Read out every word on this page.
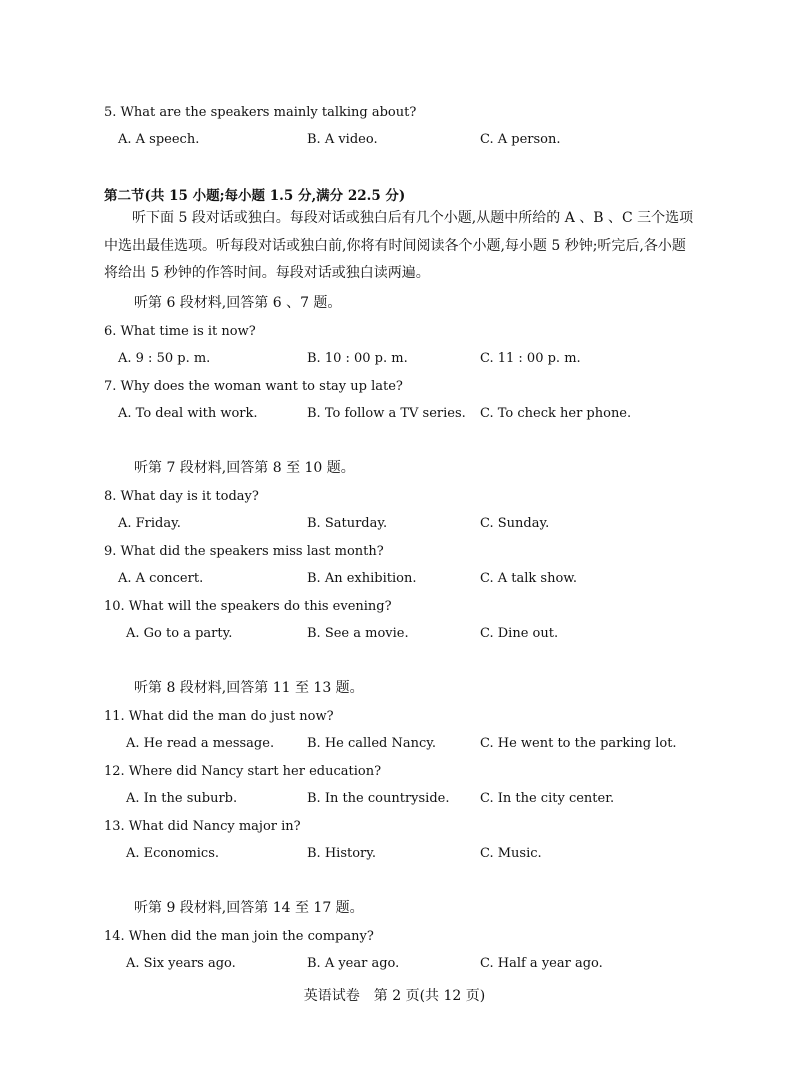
5. What are the speakers mainly talking about?
A. A speech.	B. A video.	C. A person.
第二节(共 15 小题;每小题 1.5 分,满分 22.5 分)
听下面 5 段对话或独白。每段对话或独白后有几个小题,从题中所给的 A 、B 、C 三个选项中选出最佳选项。听每段对话或独白前,你将有时间阅读各个小题,每小题 5 秒钟;听完后,各小题将给出 5 秒钟的作答时间。每段对话或独白读两遍。
听第 6 段材料,回答第 6 、7 题。
6. What time is it now?
A. 9 : 50 p. m.	B. 10 : 00 p. m.	C. 11 : 00 p. m.
7. Why does the woman want to stay up late?
A. To deal with work.	B. To follow a TV series. C. To check her phone.
听第 7 段材料,回答第 8 至 10 题。
8. What day is it today?
A. Friday.	B. Saturday.	C. Sunday.
9. What did the speakers miss last month?
A. A concert.	B. An exhibition.	C. A talk show.
10. What will the speakers do this evening?
A. Go to a party.	B. See a movie.	C. Dine out.
听第 8 段材料,回答第 11 至 13 题。
11. What did the man do just now?
A. He read a message.	B. He called Nancy.	C. He went to the parking lot.
12. Where did Nancy start her education?
A. In the suburb.	B. In the countryside. C. In the city center.
13. What did Nancy major in?
A. Economics.	B. History.	C. Music.
听第 9 段材料,回答第 14 至 17 题。
14. When did the man join the company?
A. Six years ago.	B. A year ago.	C. Half a year ago.
英语试卷　第 2 页(共 12 页)
